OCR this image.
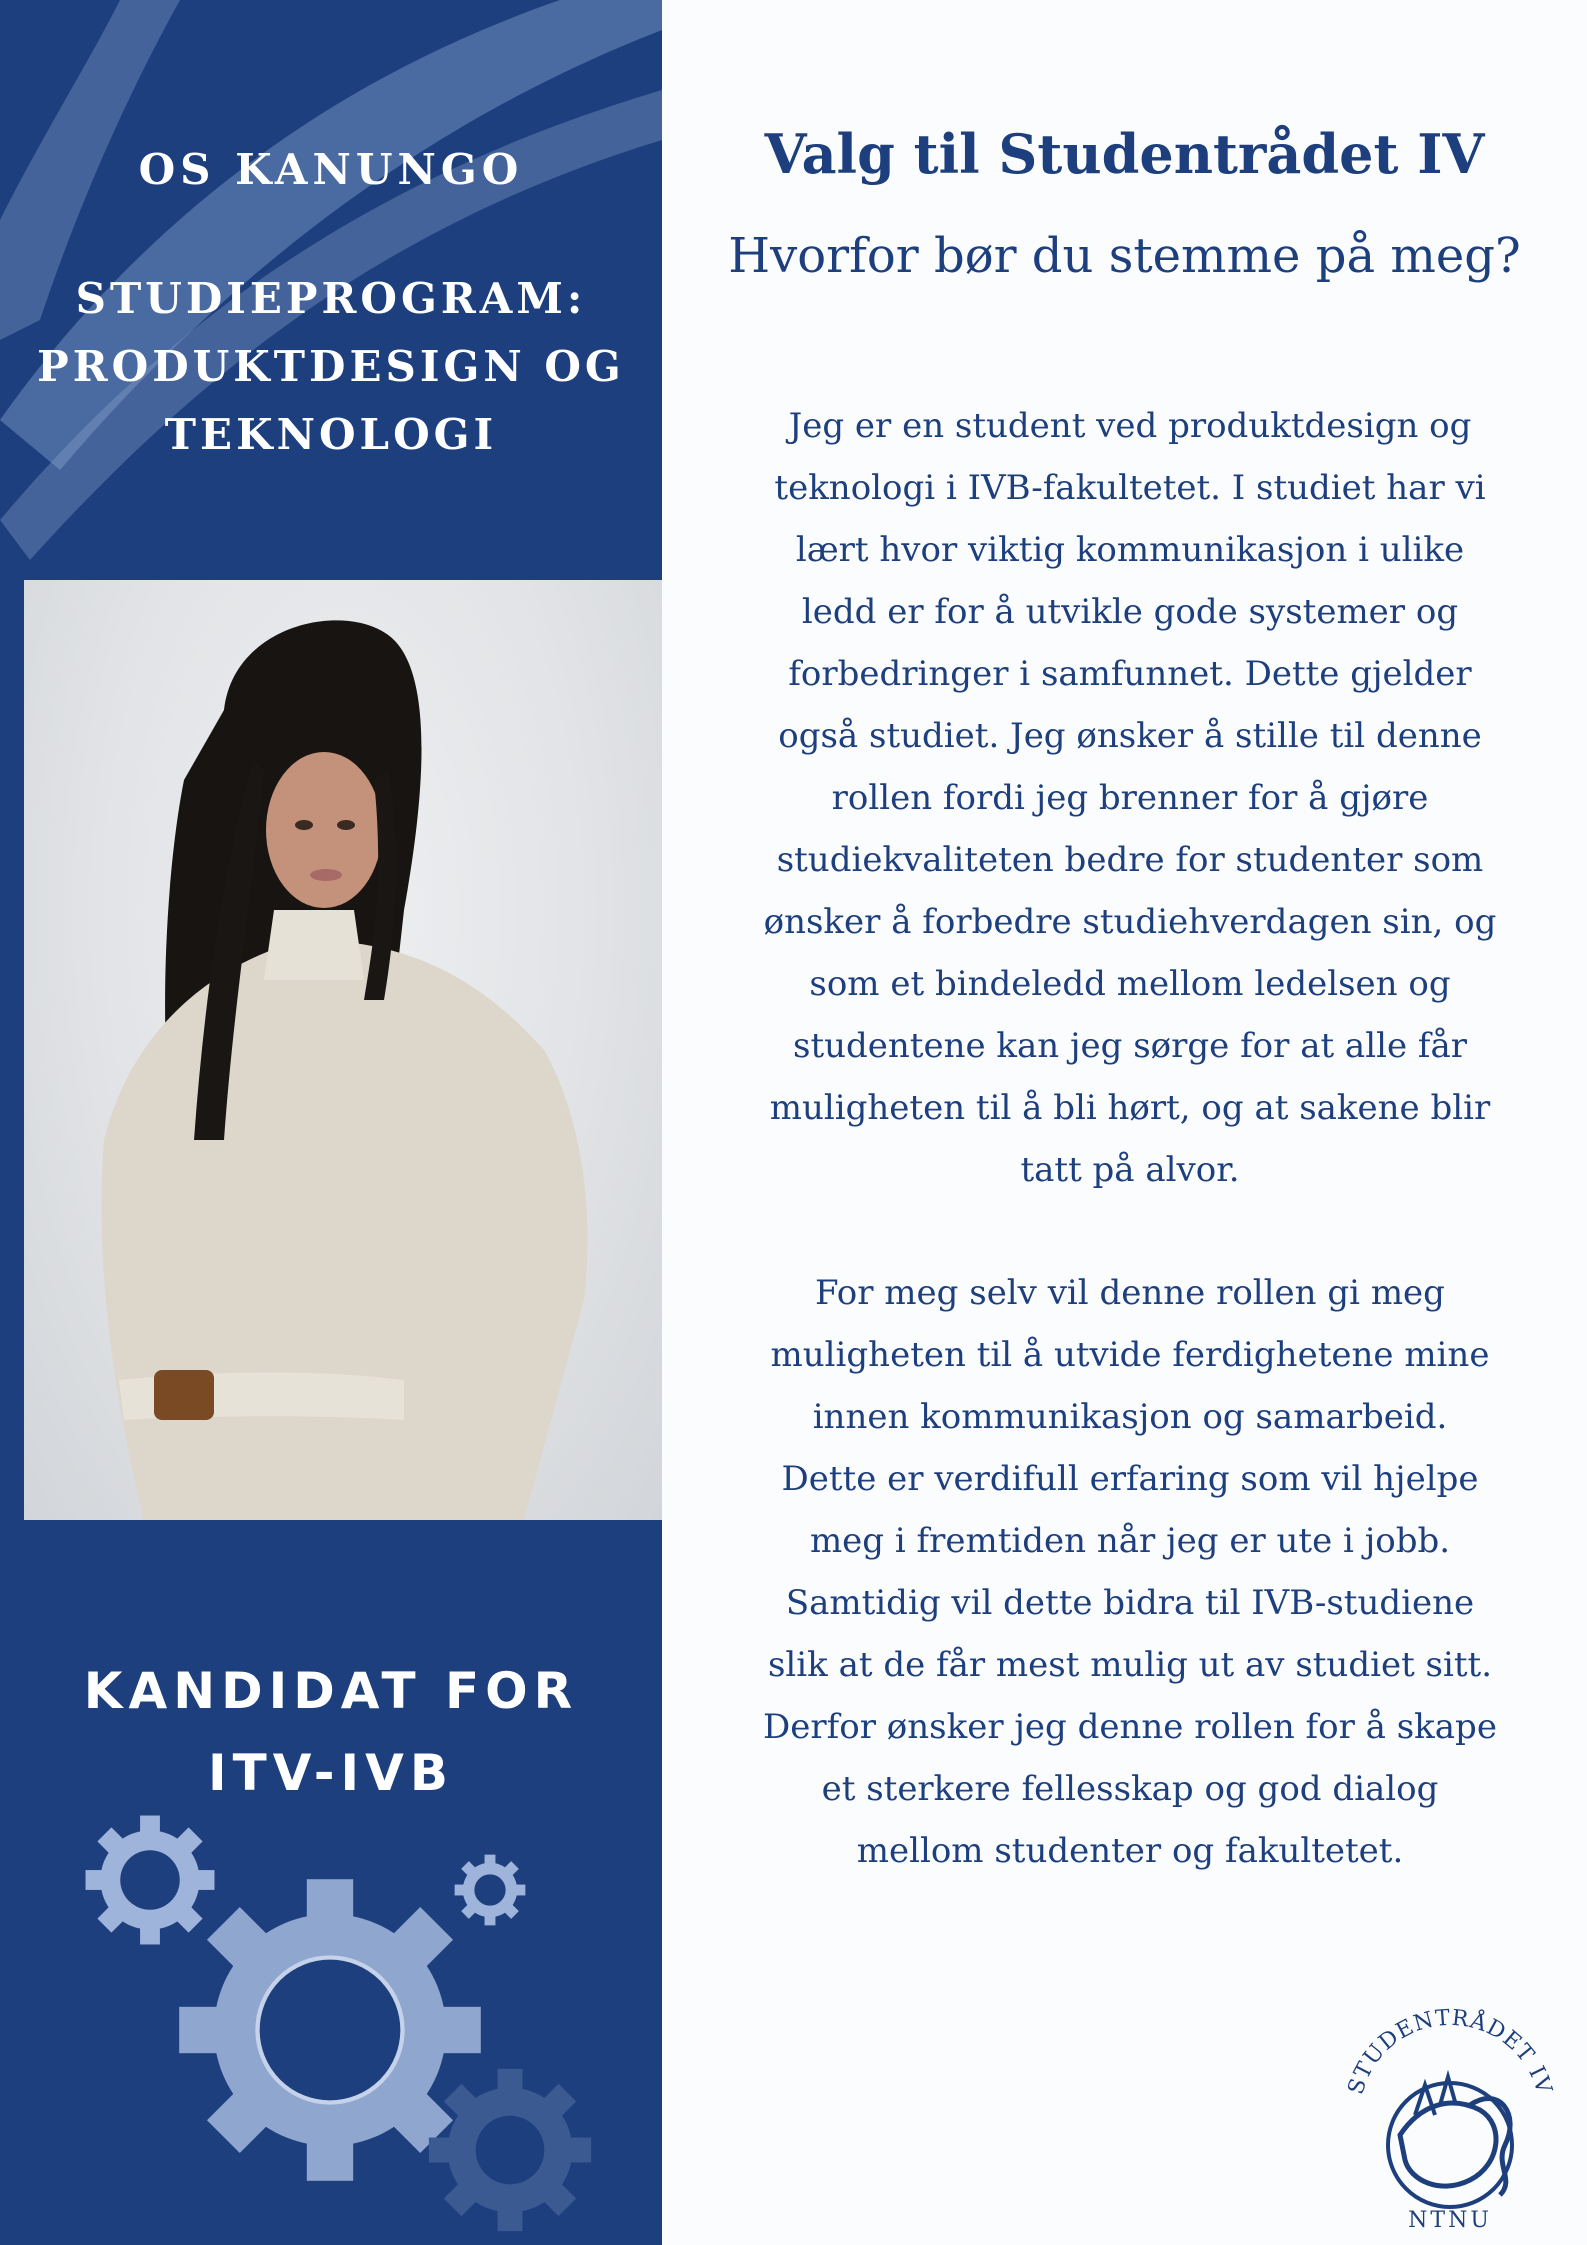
OS KANUNGO
STUDIEPROGRAM:
PRODUKTDESIGN OG
TEKNOLOGI
KANDIDAT FOR
ITV-IVB
Valg til Studentrådet IV
Hvorfor bør du stemme på meg?
Jeg er en student ved produktdesign og
teknologi i IVB-fakultetet. I studiet har vi
lært hvor viktig kommunikasjon i ulike
ledd er for å utvikle gode systemer og
forbedringer i samfunnet. Dette gjelder
også studiet. Jeg ønsker å stille til denne
rollen fordi jeg brenner for å gjøre
studiekvaliteten bedre for studenter som
ønsker å forbedre studiehverdagen sin, og
som et bindeledd mellom ledelsen og
studentene kan jeg sørge for at alle får
muligheten til å bli hørt, og at sakene blir
tatt på alvor.
For meg selv vil denne rollen gi meg
muligheten til å utvide ferdighetene mine
innen kommunikasjon og samarbeid.
Dette er verdifull erfaring som vil hjelpe
meg i fremtiden når jeg er ute i jobb.
Samtidig vil dette bidra til IVB-studiene
slik at de får mest mulig ut av studiet sitt.
Derfor ønsker jeg denne rollen for å skape
et sterkere fellesskap og god dialog
mellom studenter og fakultetet.
STUDENTRÅDET IV
NTNU
